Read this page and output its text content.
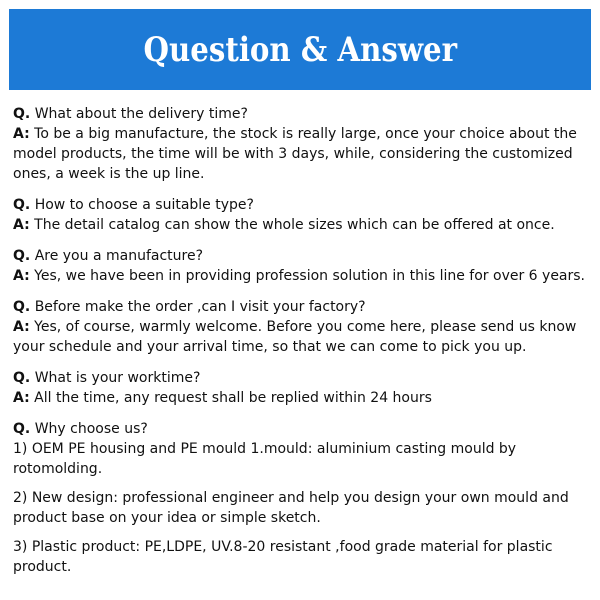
Question & Answer

Q. What about the delivery time?

A: To be a big manufacture, the stock is really large, once your choice about the model products, the time will be with 3 days, while, considering the customized ones, a week is the up line.

Q. How to choose a suitable type?

A: The detail catalog can show the whole sizes which can be offered at once.

Q. Are you a manufacture?

A: Yes, we have been in providing profession solution in this line for over 6 years.

Q. Before make the order ,can I visit your factory?

A: Yes, of course, warmly welcome. Before you come here, please send us know your schedule and your arrival time, so that we can come to pick you up.

Q. What is your worktime?

A: All the time, any request shall be replied within 24 hours

Q. Why choose us?

1) OEM PE housing and PE mould 1.mould: aluminium casting mould by rotomolding.

2) New design: professional engineer and help you design your own mould and product base on your idea or simple sketch.

3) Plastic product: PE,LDPE, UV.8-20 resistant ,food grade material for plastic product.
